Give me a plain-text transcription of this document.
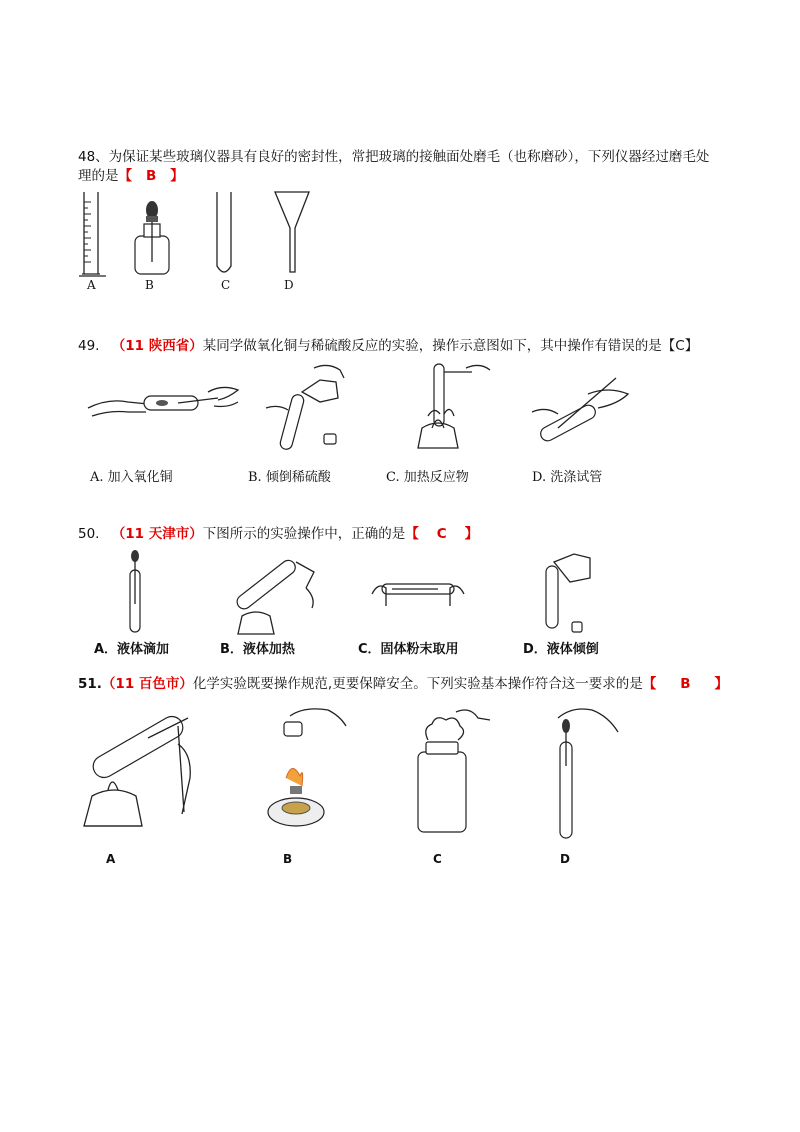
48、为保证某些玻璃仪器具有良好的密封性，常把玻璃的接触面处磨毛（也称磨砂），下列仪器经过磨毛处
理的是【 B 】
A	B	C	D
49. （11 陕西省）某同学做氧化铜与稀硫酸反应的实验，操作示意图如下，其中操作有错误的是【C】
A. 加入氧化铜	B. 倾倒稀硫酸	C. 加热反应物	D. 洗涤试管
50. （11 天津市）下图所示的实验操作中，正确的是【 C 】
A．液体滴加	B．液体加热	C．固体粉末取用	D．液体倾倒
51.（11 百色市）化学实验既要操作规范,更要保障安全。下列实验基本操作符合这一要求的是【 B 】
A	B	C	D
